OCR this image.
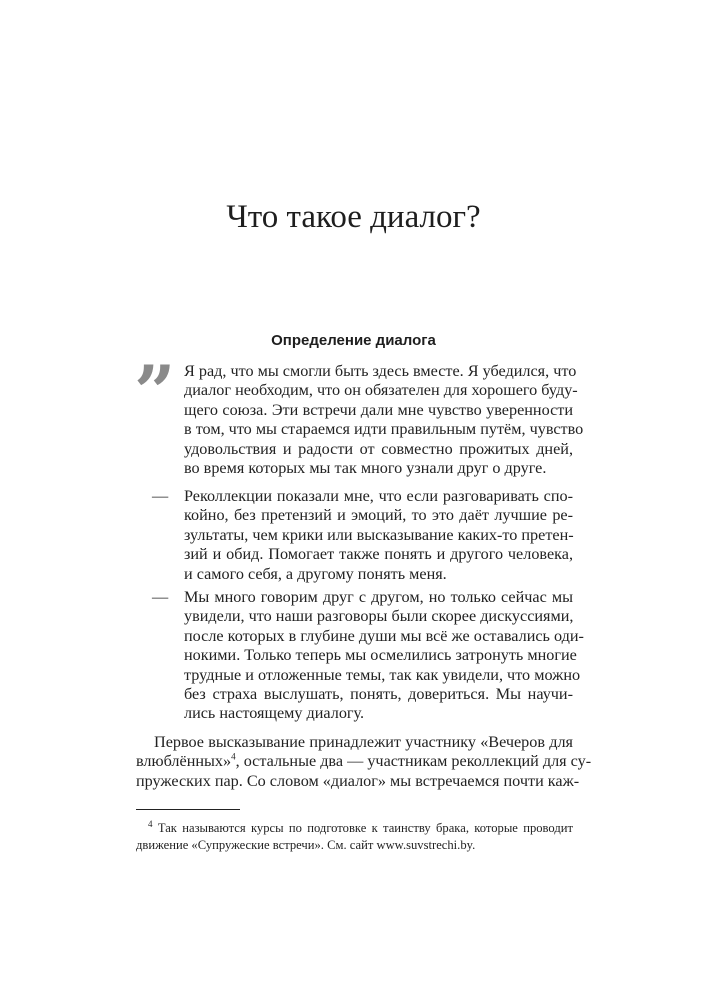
Что такое диалог?
Определение диалога
” Я рад, что мы смогли быть здесь вместе. Я убедился, что
диалог необходим, что он обязателен для хорошего буду-
щего союза. Эти встречи дали мне чувство уверенности
в том, что мы стараемся идти правильным путём, чувство
удовольствия и радости от совместно прожитых дней,
во время которых мы так много узнали друг о друге.
— Реколлекции показали мне, что если разговаривать спо-
койно, без претензий и эмоций, то это даёт лучшие ре-
зультаты, чем крики или высказывание каких-то претен-
зий и обид. Помогает также понять и другого человека,
и самого себя, а другому понять меня.
— Мы много говорим друг с другом, но только сейчас мы
увидели, что наши разговоры были скорее дискуссиями,
после которых в глубине души мы всё же оставались оди-
нокими. Только теперь мы осмелились затронуть многие
трудные и отложенные темы, так как увидели, что можно
без страха выслушать, понять, довериться. Мы научи-
лись настоящему диалогу.
Первое высказывание принадлежит участнику «Вечеров для
влюблённых»$^4$, остальные два — участникам реколлекций для су-
пружеских пар. Со словом «диалог» мы встречаемся почти каж-
$^4$ Так называются курсы по подготовке к таинству брака, которые проводит
движение «Супружеские встречи». См. сайт www.suvstrechi.by.
